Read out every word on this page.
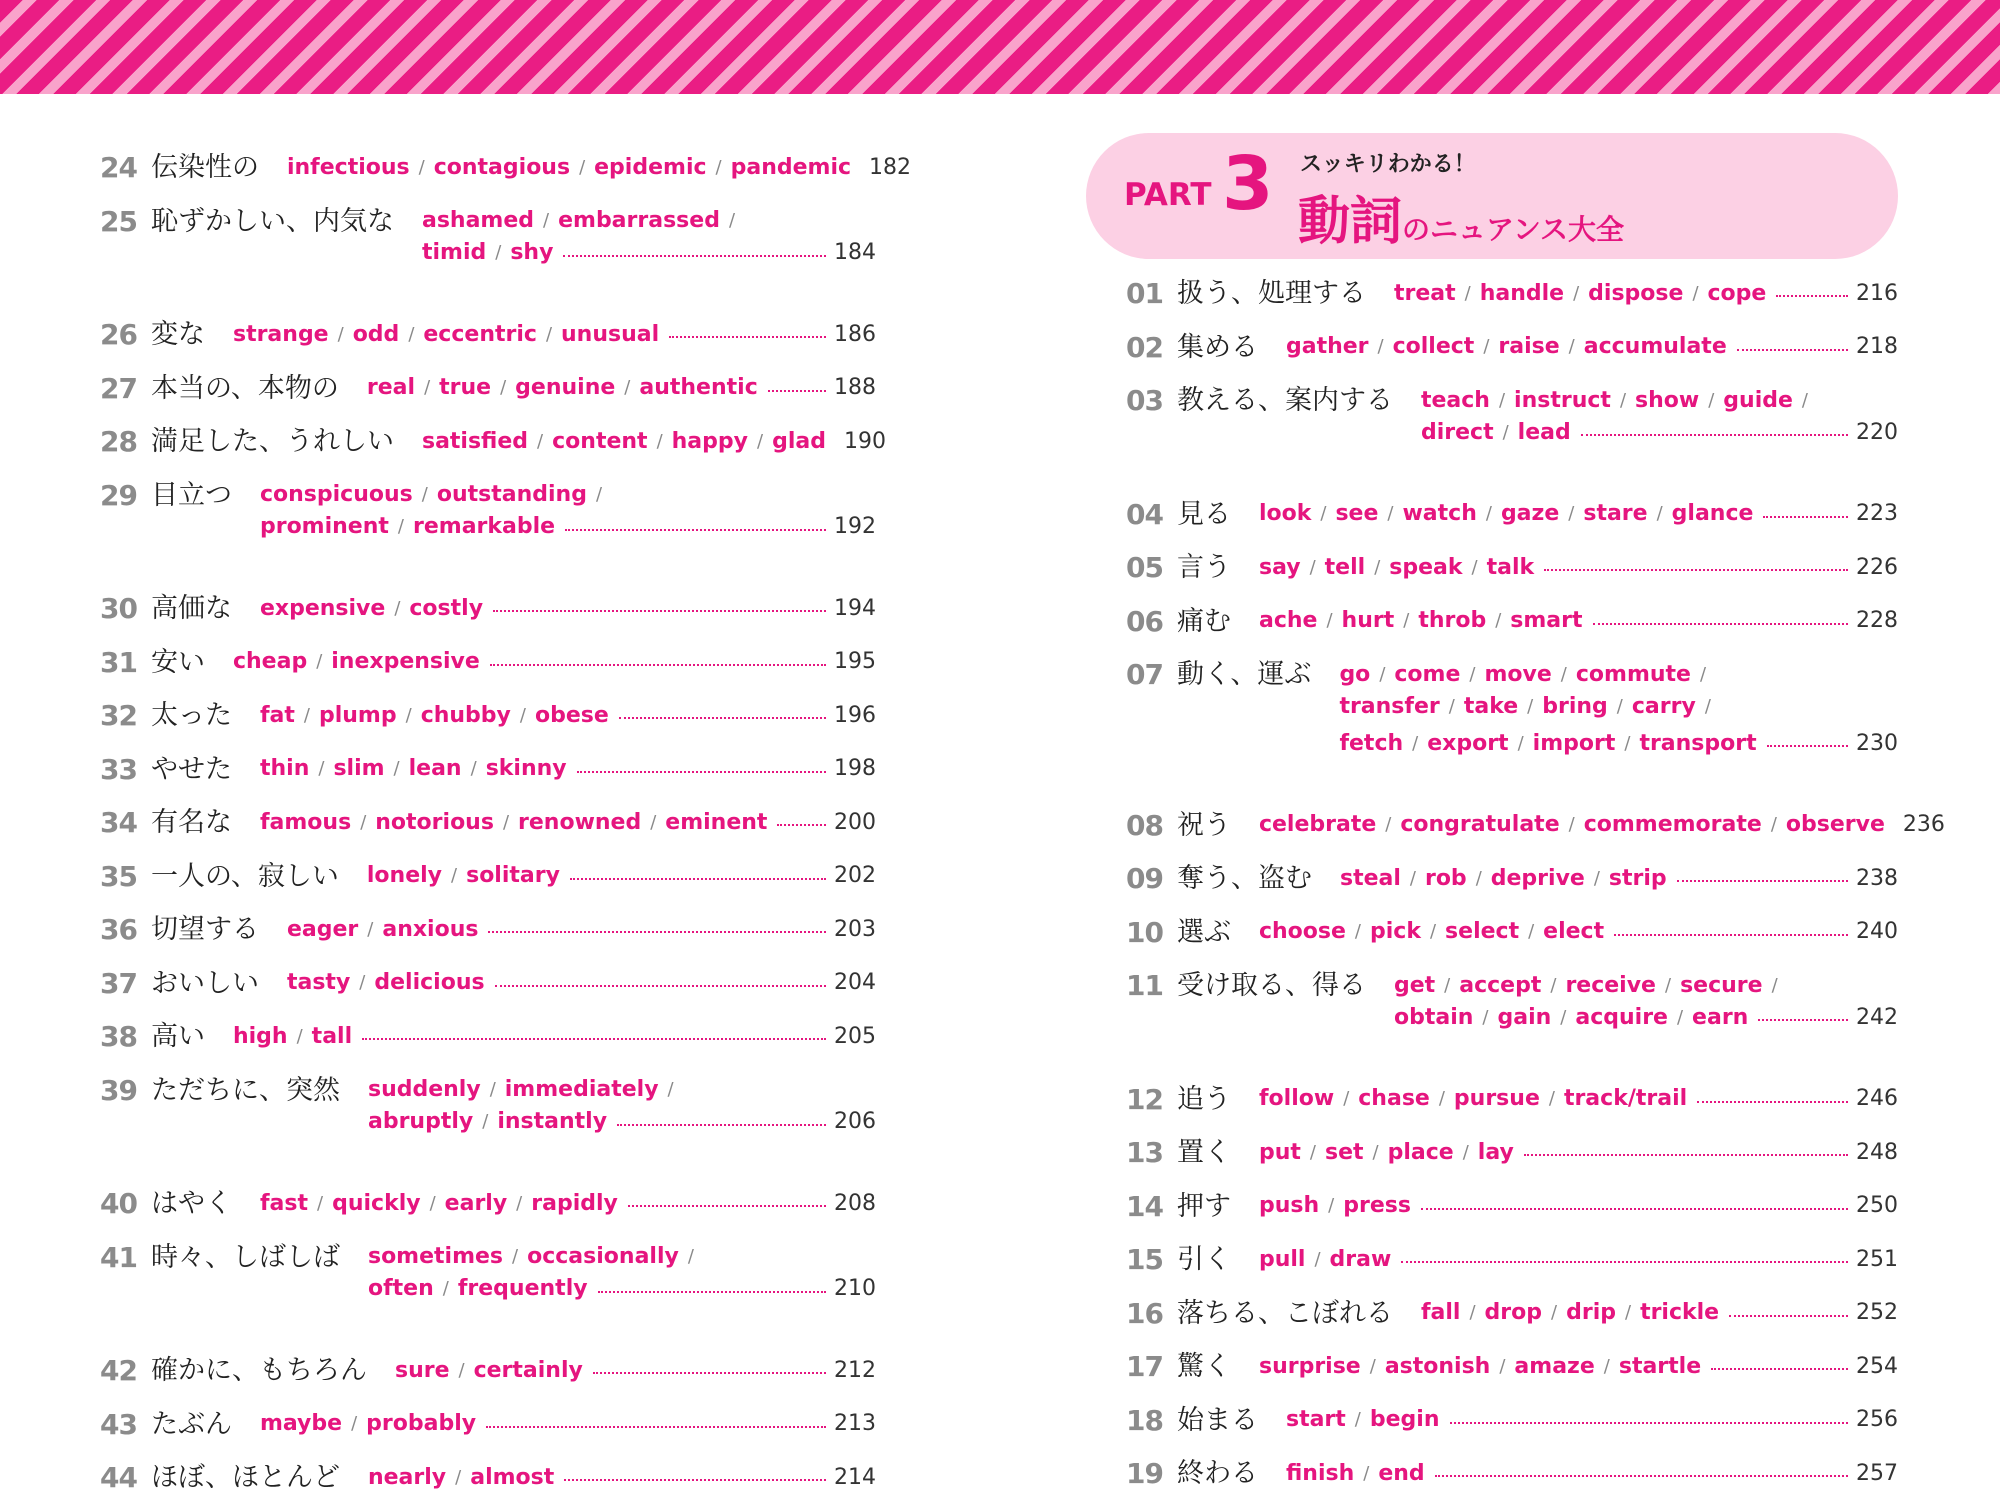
PART 3 スッキリわかる！
動詞のニュアンス大全
24 伝染性の infectious / contagious / epidemic / pandemic 182
25 恥ずかしい、内気な ashamed / embarrassed /
timid / shy	184
26 変な strange / odd / eccentric / unusual	186
27 本当の、本物の real / true / genuine / authentic	188
28 満足した、うれしい satisfied / content / happy / glad 190
29 目立つ conspicuous / outstanding /
prominent / remarkable	192
30 高価な expensive / costly	194
31 安い cheap / inexpensive	195
32 太った fat / plump / chubby / obese	196
33 やせた thin / slim / lean / skinny	198
34 有名な famous / notorious / renowned / eminent	200
35 一人の、寂しい lonely / solitary	202
36 切望する eager / anxious	203
37 おいしい tasty / delicious	204
38 高い high / tall	205
39 ただちに、突然 suddenly / immediately /
abruptly / instantly	206
40 はやく fast / quickly / early / rapidly	208
41 時々、しばしば sometimes / occasionally /
often / frequently	210
42 確かに、もちろん sure / certainly	212
43 たぶん maybe / probably	213
44 ほぼ、ほとんど nearly / almost	214
01 扱う、処理する treat / handle / dispose / cope	216
02 集める gather / collect / raise / accumulate	218
03 教える、案内する teach / instruct / show / guide /
direct / lead	220
04 見る look / see / watch / gaze / stare / glance	223
05 言う say / tell / speak / talk	226
06 痛む ache / hurt / throb / smart	228
07 動く、運ぶ go / come / move / commute /
transfer / take / bring / carry /
fetch / export / import / transport	230
08 祝う celebrate / congratulate / commemorate / observe 236
09 奪う、盗む steal / rob / deprive / strip	238
10 選ぶ choose / pick / select / elect	240
11 受け取る、得る get / accept / receive / secure /
obtain / gain / acquire / earn	242
12 追う follow / chase / pursue / track/trail	246
13 置く put / set / place / lay	248
14 押す push / press	250
15 引く pull / draw	251
16 落ちる、こぼれる fall / drop / drip / trickle	252
17 驚く surprise / astonish / amaze / startle	254
18 始まる start / begin	256
19 終わる finish / end	257
